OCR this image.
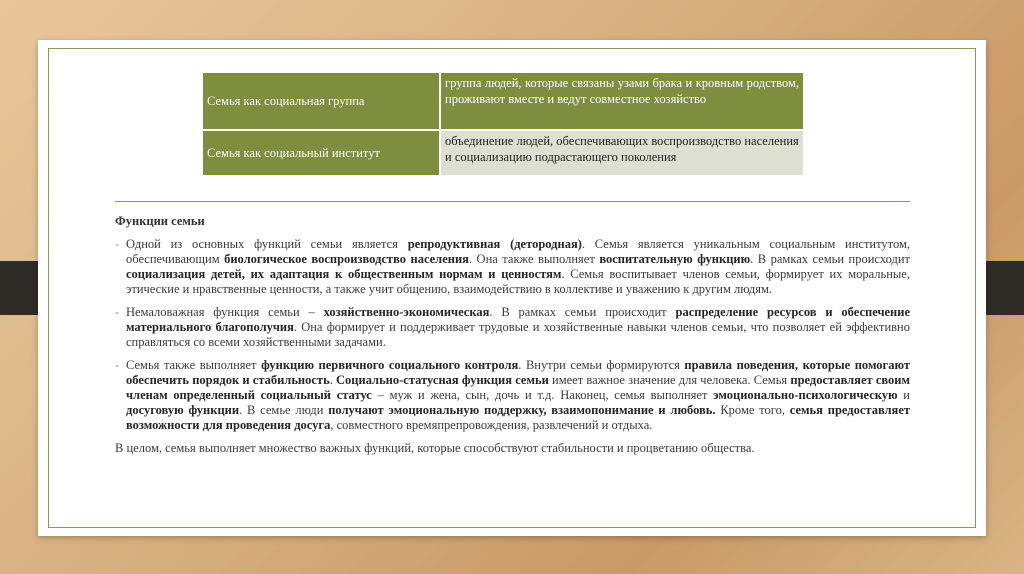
Семья как социальная группа	группа людей, которые связаны узами брака и кровным родством, проживают вместе и ведут совместное хозяйство
Семья как социальный институт	объединение людей, обеспечивающих воспроизводство населения и социализацию подрастающего поколения
Функции семьи
- Одной из основных функций семьи является репродуктивная (детородная). Семья является уникальным социальным институтом, обеспечивающим биологическое воспроизводство населения. Она также выполняет воспитательную функцию. В рамках семьи происходит социализация детей, их адаптация к общественным нормам и ценностям. Семья воспитывает членов семьи, формирует их моральные, этические и нравственные ценности, а также учит общению, взаимодействию в коллективе и уважению к другим людям.
- Немаловажная функция семьи – хозяйственно-экономическая. В рамках семьи происходит распределение ресурсов и обеспечение материального благополучия. Она формирует и поддерживает трудовые и хозяйственные навыки членов семьи, что позволяет ей эффективно справляться со всеми хозяйственными задачами.
- Семья также выполняет функцию первичного социального контроля. Внутри семьи формируются правила поведения, которые помогают обеспечить порядок и стабильность. Социально-статусная функция семьи имеет важное значение для человека. Семья предоставляет своим членам определенный социальный статус – муж и жена, сын, дочь и т.д. Наконец, семья выполняет эмоционально-психологическую и досуговую функции. В семье люди получают эмоциональную поддержку, взаимопонимание и любовь. Кроме того, семья предоставляет возможности для проведения досуга, совместного времяпрепровождения, развлечений и отдыха.
В целом, семья выполняет множество важных функций, которые способствуют стабильности и процветанию общества.
